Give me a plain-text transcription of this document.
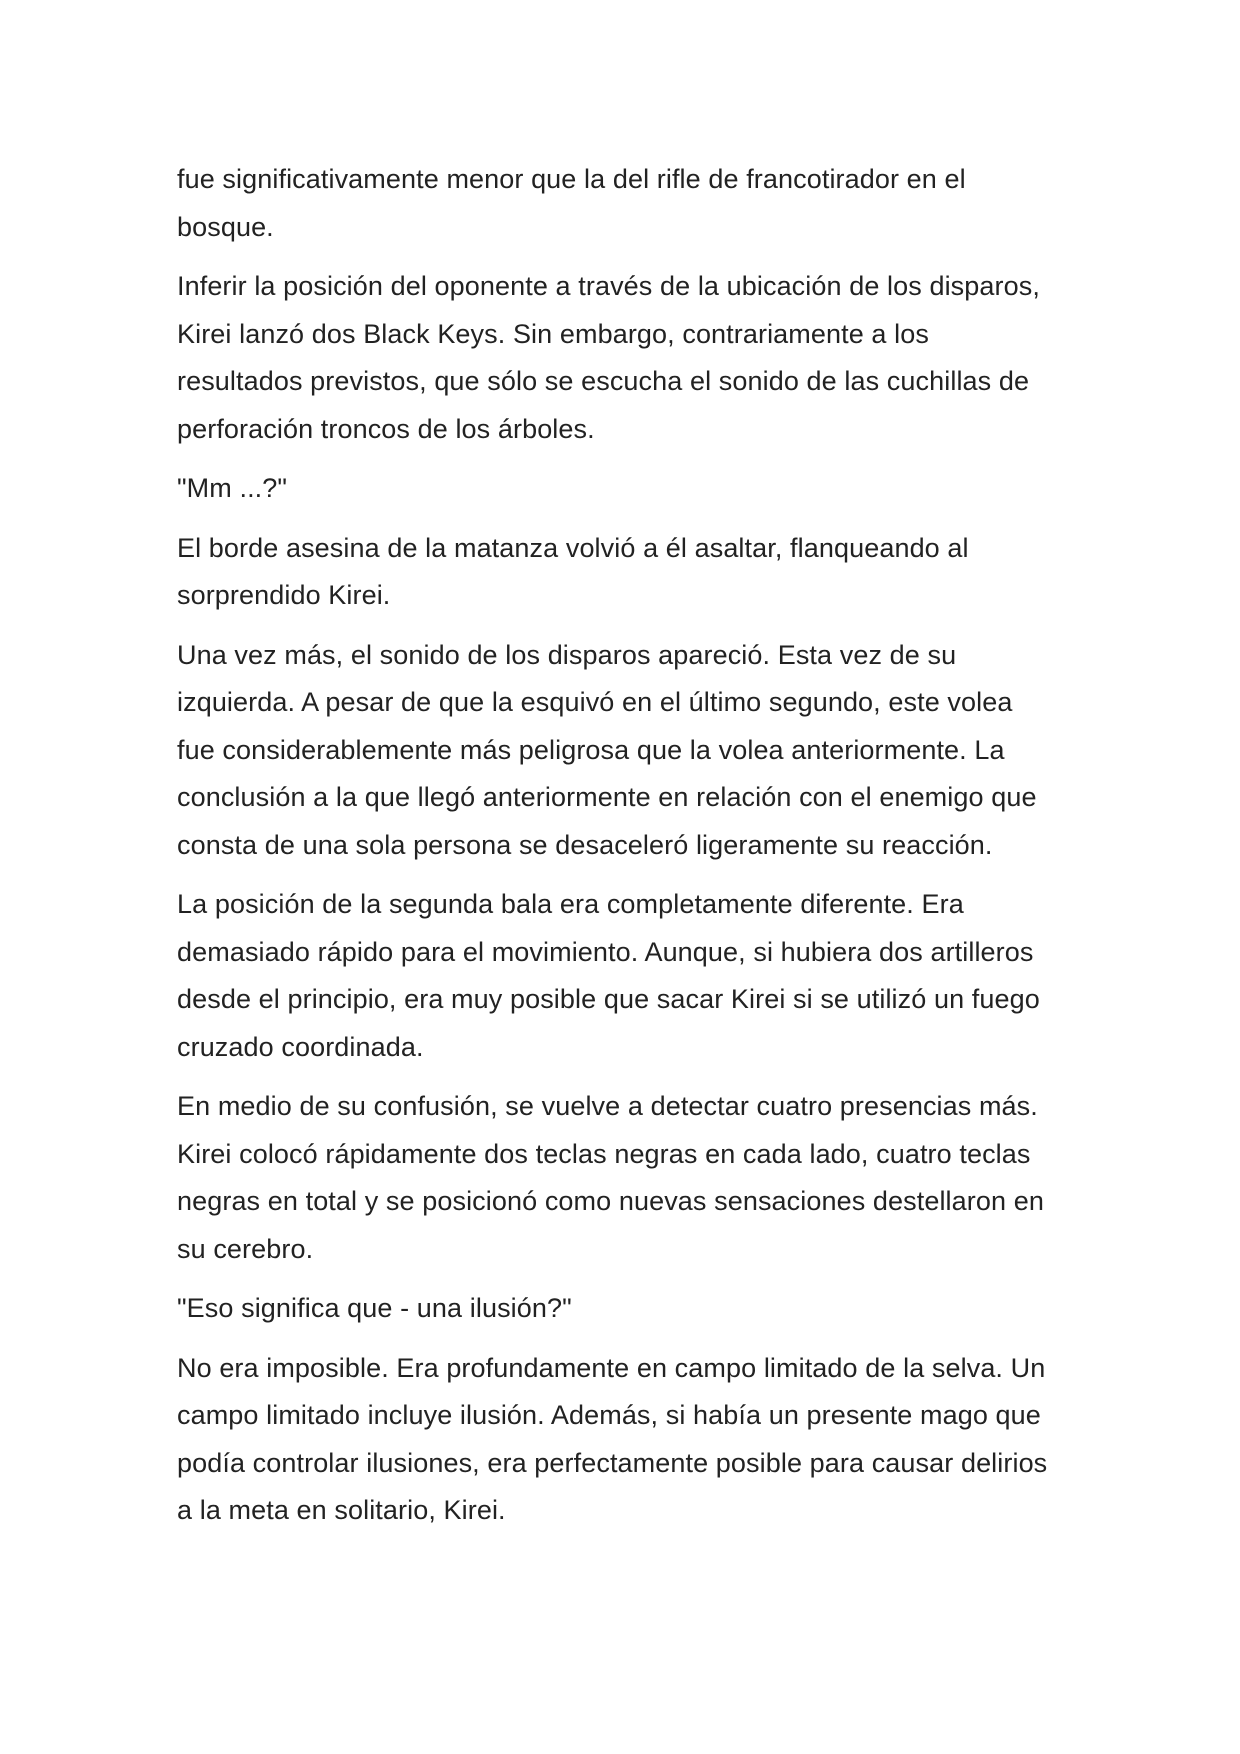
fue significativamente menor que la del rifle de francotirador en el bosque.

Inferir la posición del oponente a través de la ubicación de los disparos, Kirei lanzó dos Black Keys. Sin embargo, contrariamente a los resultados previstos, que sólo se escucha el sonido de las cuchillas de perforación troncos de los árboles.

"Mm ...?"

El borde asesina de la matanza volvió a él asaltar, flanqueando al sorprendido Kirei.

Una vez más, el sonido de los disparos apareció. Esta vez de su izquierda. A pesar de que la esquivó en el último segundo, este volea fue considerablemente más peligrosa que la volea anteriormente. La conclusión a la que llegó anteriormente en relación con el enemigo que consta de una sola persona se desaceleró ligeramente su reacción.

La posición de la segunda bala era completamente diferente. Era demasiado rápido para el movimiento. Aunque, si hubiera dos artilleros desde el principio, era muy posible que sacar Kirei si se utilizó un fuego cruzado coordinada.

En medio de su confusión, se vuelve a detectar cuatro presencias más. Kirei colocó rápidamente dos teclas negras en cada lado, cuatro teclas negras en total y se posicionó como nuevas sensaciones destellaron en su cerebro.

"Eso significa que - una ilusión?"

No era imposible. Era profundamente en campo limitado de la selva. Un campo limitado incluye ilusión. Además, si había un presente mago que podía controlar ilusiones, era perfectamente posible para causar delirios a la meta en solitario, Kirei.
